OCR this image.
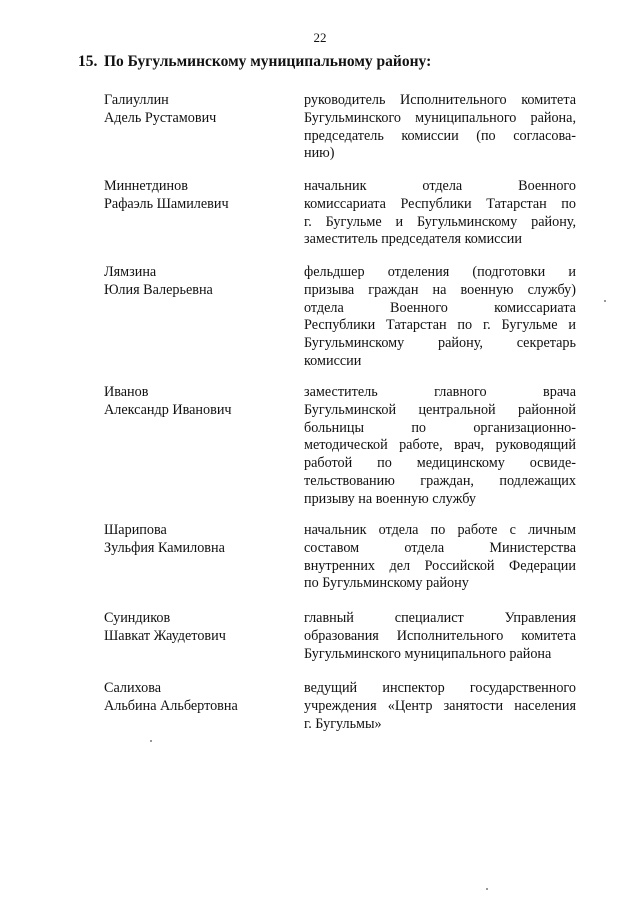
22
15. По Бугульминскому муниципальному району:
Галиуллин
Адель Рустамович
руководитель Исполнительного комитета
Бугульминского муниципального района,
председатель комиссии (по согласова-
нию)
Миннетдинов
Рафаэль Шамилевич
начальник отдела Военного
комиссариата Республики Татарстан по
г. Бугульме и Бугульминскому району,
заместитель председателя комиссии
Лямзина
Юлия Валерьевна
фельдшер отделения (подготовки и
призыва граждан на военную службу)
отдела Военного комиссариата
Республики Татарстан по г. Бугульме и
Бугульминскому району, секретарь
комиссии
Иванов
Александр Иванович
заместитель главного врача
Бугульминской центральной районной
больницы по организационно-
методической работе, врач, руководящий
работой по медицинскому освиде-
тельствованию граждан, подлежащих
призыву на военную службу
Шарипова
Зульфия Камиловна
начальник отдела по работе с личным
составом отдела Министерства
внутренних дел Российской Федерации
по Бугульминскому району
Суиндиков
Шавкат Жаудетович
главный специалист Управления
образования Исполнительного комитета
Бугульминского муниципального района
Салихова
Альбина Альбертовна
ведущий инспектор государственного
учреждения «Центр занятости населения
г. Бугульмы»
